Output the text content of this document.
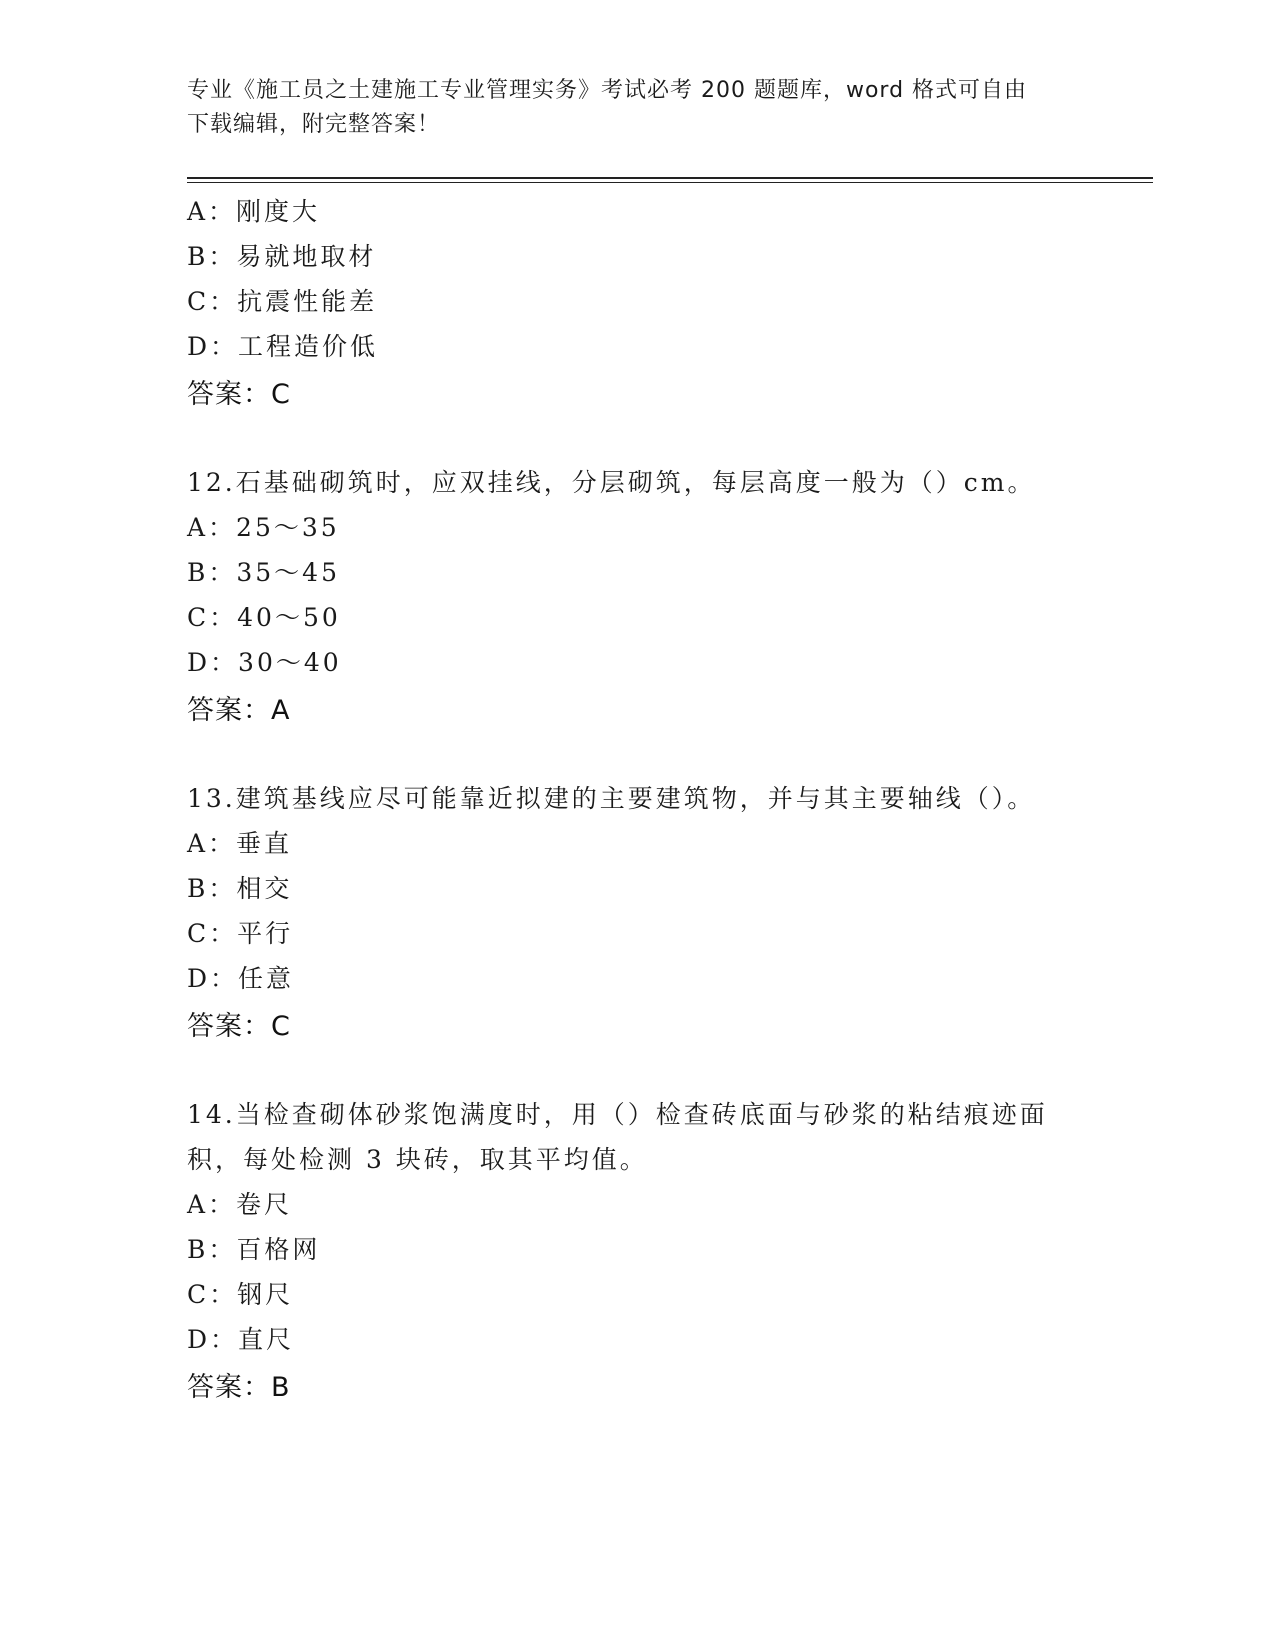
专业《施工员之土建施工专业管理实务》考试必考 200 题题库，word 格式可自由
下载编辑，附完整答案！
A：刚度大
B：易就地取材
C：抗震性能差
D：工程造价低
答案：C
12.石基础砌筑时，应双挂线，分层砌筑，每层高度一般为（）cm。
A：25～35
B：35～45
C：40～50
D：30～40
答案：A
13.建筑基线应尽可能靠近拟建的主要建筑物，并与其主要轴线（）。
A：垂直
B：相交
C：平行
D：任意
答案：C
14.当检查砌体砂浆饱满度时，用（）检查砖底面与砂浆的粘结痕迹面
积，每处检测 3 块砖，取其平均值。
A：卷尺
B：百格网
C：钢尺
D：直尺
答案：B
